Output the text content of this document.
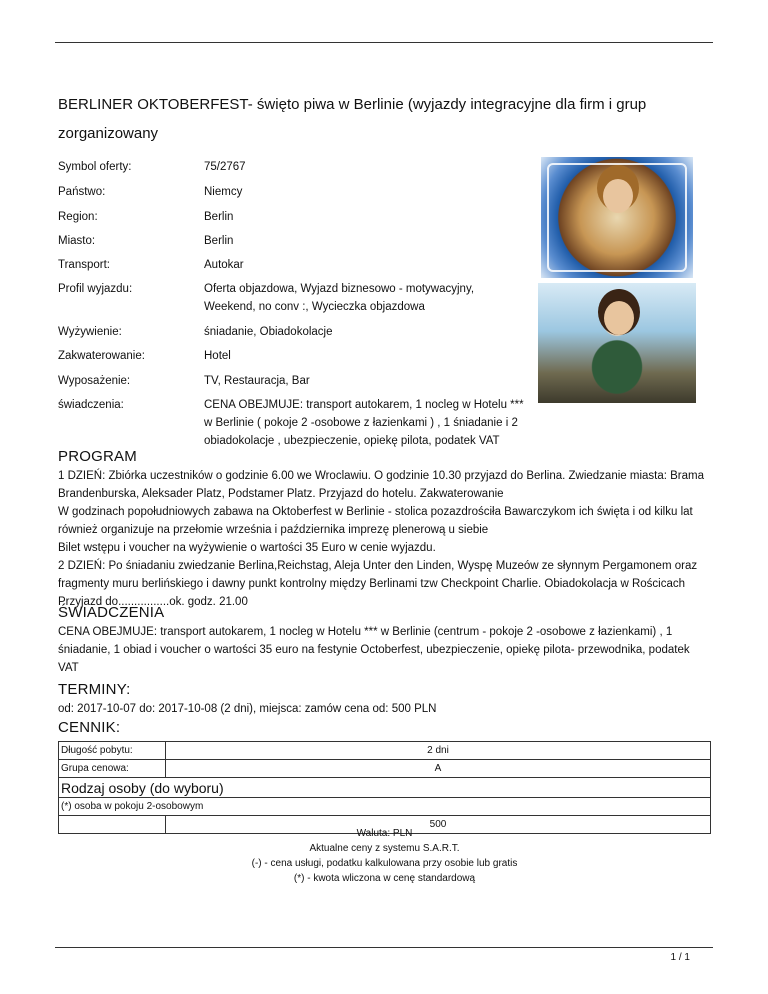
BERLINER OKTOBERFEST- święto piwa w Berlinie (wyjazdy integracyjne dla firm i grup zorganizowany
Symbol oferty:	75/2767
Państwo:	Niemcy
Region:	Berlin
Miasto:	Berlin
Transport:	Autokar
Profil wyjazdu:	Oferta objazdowa, Wyjazd biznesowo - motywacyjny, Weekend, no conv :, Wycieczka objazdowa
Wyżywienie:	śniadanie, Obiadokolacje
Zakwaterowanie:	Hotel
Wyposażenie:	TV, Restauracja, Bar
świadczenia:	CENA OBEJMUJE: transport autokarem, 1 nocleg w Hotelu *** w Berlinie ( pokoje 2 -osobowe z łazienkami ) , 1 śniadanie i 2 obiadokolacje , ubezpieczenie, opiekę pilota, podatek VAT
PROGRAM
1 DZIEŃ: Zbiórka uczestników o godzinie 6.00 we Wroclawiu. O godzinie 10.30 przyjazd do Berlina. Zwiedzanie miasta: Brama Brandenburska, Aleksader Platz, Podstamer Platz. Przyjazd do hotelu. Zakwaterowanie
W godzinach popołudniowych zabawa na Oktoberfest w Berlinie - stolica pozazdrościła Bawarczykom ich święta i od kilku lat również organizuje na przełomie września i października imprezę plenerową u siebie
Bilet wstępu i voucher na wyżywienie o wartości 35 Euro w cenie wyjazdu.
2 DZIEŃ: Po śniadaniu zwiedzanie Berlina,Reichstag, Aleja Unter den Linden, Wyspę Muzeów ze słynnym Pergamonem oraz fragmenty muru berlińskiego i dawny punkt kontrolny między Berlinami tzw Checkpoint Charlie. Obiadokolacja w Rościcach
Przyjazd do................ok. godz. 21.00
ŚWIADCZENIA
CENA OBEJMUJE: transport autokarem, 1 nocleg w Hotelu *** w Berlinie (centrum - pokoje 2 -osobowe z łazienkami) , 1 śniadanie, 1 obiad i voucher o wartości 35 euro na festynie Octoberfest, ubezpieczenie, opiekę pilota- przewodnika, podatek VAT
TERMINY:
od: 2017-10-07 do: 2017-10-08 (2 dni), miejsca: zamów cena od: 500 PLN
CENNIK:
Długość pobytu:	2 dni
Grupa cenowa:	A
Rodzaj osoby (do wyboru)	
(*) osoba w pokoju 2-osobowym	
	500
Waluta: PLN
Aktualne ceny z systemu S.A.R.T.
(-) - cena usługi, podatku kalkulowana przy osobie lub gratis
(*) - kwota wliczona w cenę standardową
1 / 1
